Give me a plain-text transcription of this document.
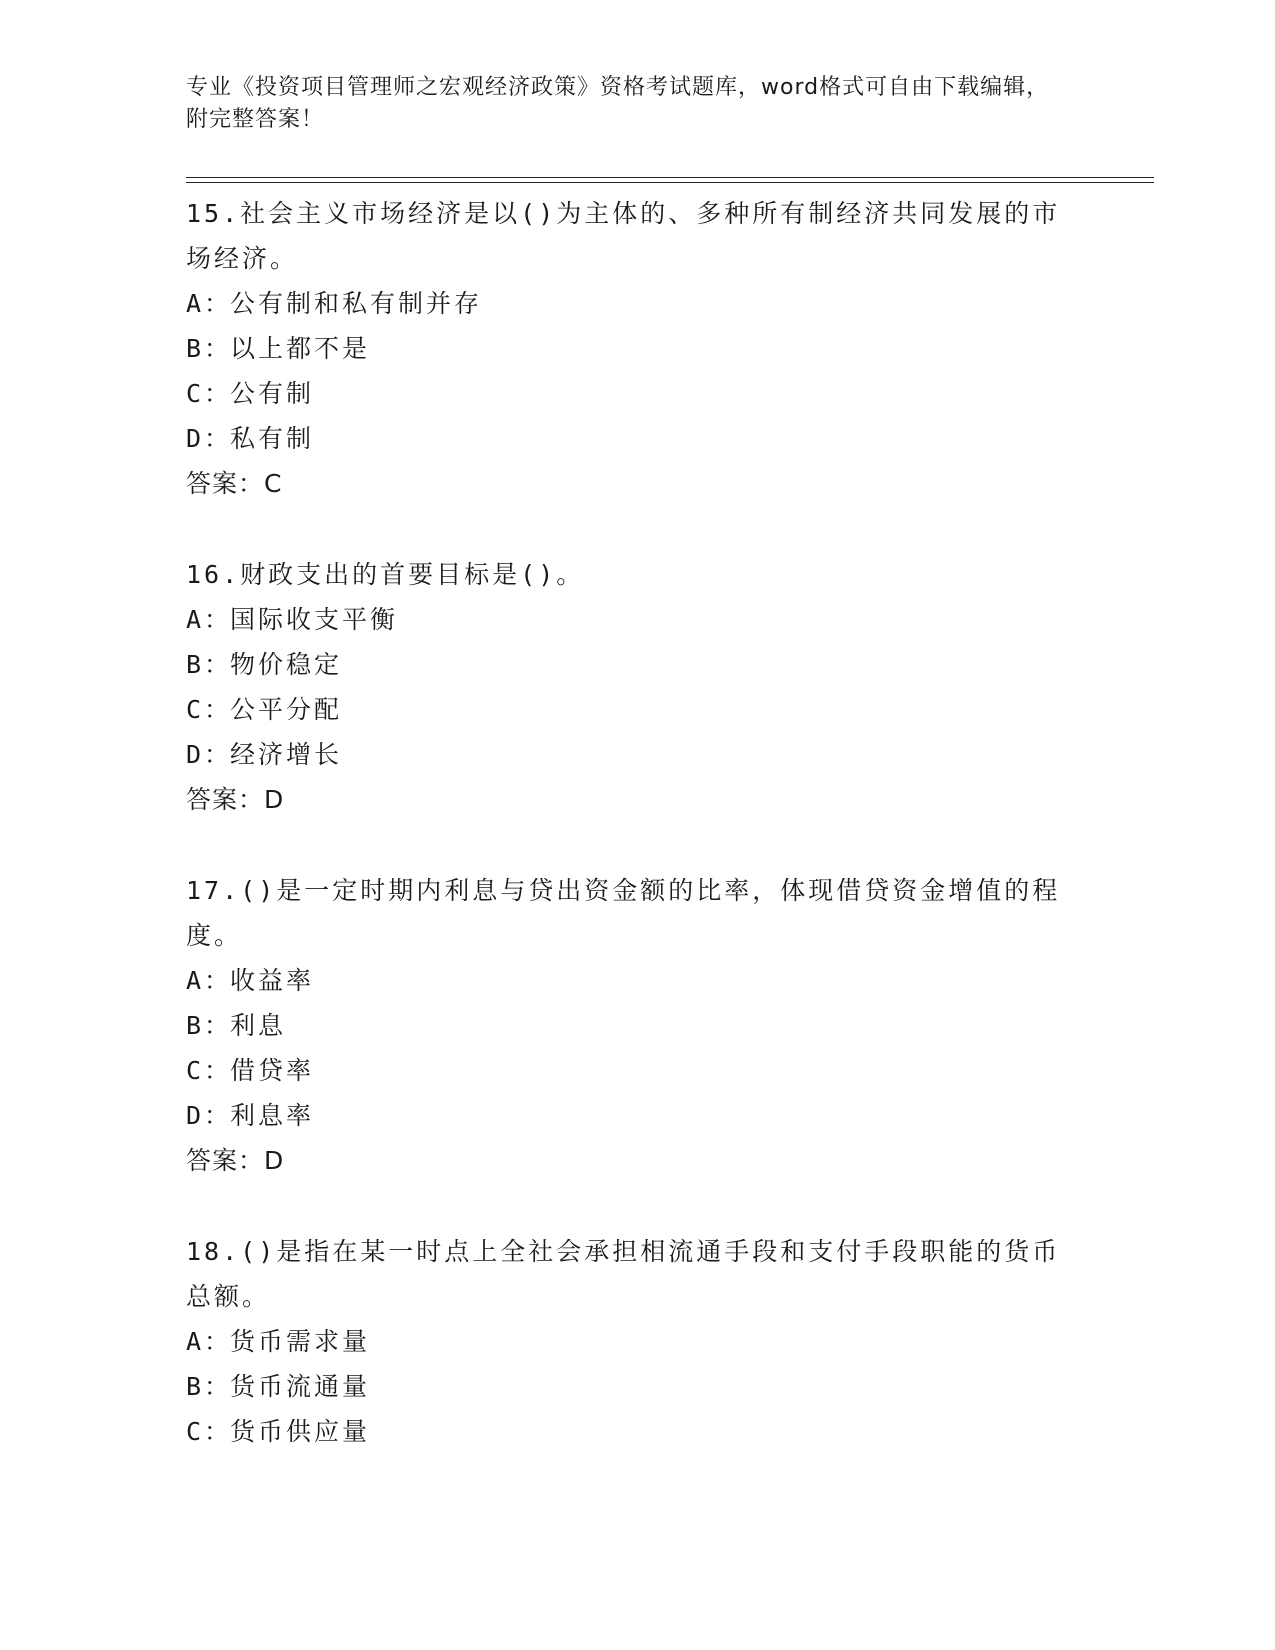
专业《投资项目管理师之宏观经济政策》资格考试题库，word格式可自由下载编辑，附完整答案！
15.社会主义市场经济是以()为主体的、多种所有制经济共同发展的市场经济。
A：公有制和私有制并存
B：以上都不是
C：公有制
D：私有制
答案：C
16.财政支出的首要目标是()。
A：国际收支平衡
B：物价稳定
C：公平分配
D：经济增长
答案：D
17.()是一定时期内利息与贷出资金额的比率，体现借贷资金增值的程度。
A：收益率
B：利息
C：借贷率
D：利息率
答案：D
18.()是指在某一时点上全社会承担相流通手段和支付手段职能的货币总额。
A：货币需求量
B：货币流通量
C：货币供应量
